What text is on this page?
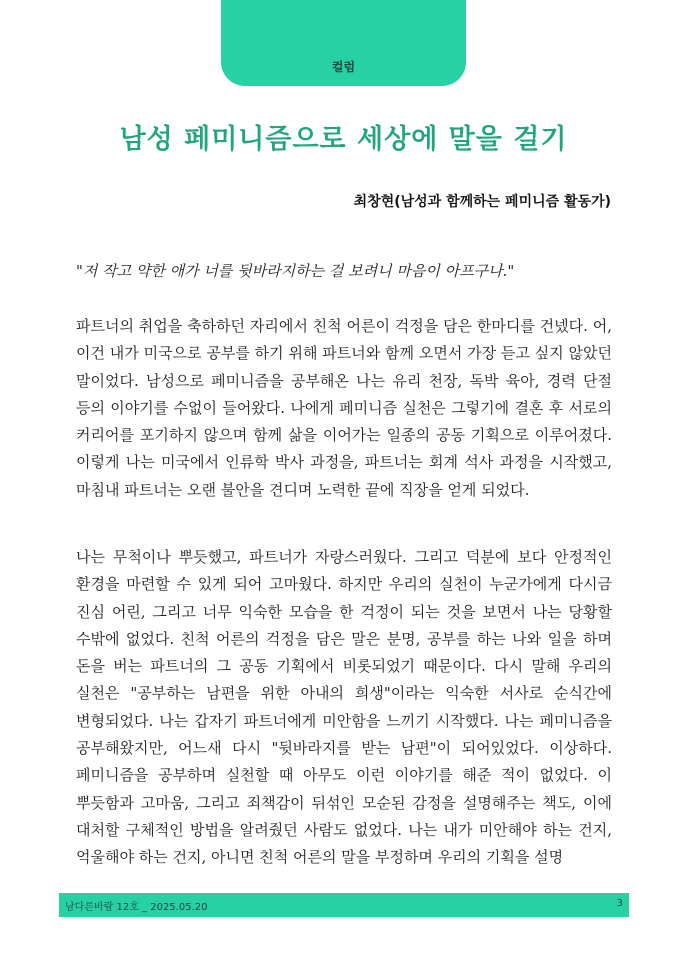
컬럼
남성 페미니즘으로 세상에 말을 걸기
최창현(남성과 함께하는 페미니즘 활동가)
"저 작고 약한 애가 너를 뒷바라지하는 걸 보려니 마음이 아프구나."

파트너의 취업을 축하하던 자리에서 친척 어른이 걱정을 담은 한마디를 건넸다. 어, 이건 내가 미국으로 공부를 하기 위해 파트너와 함께 오면서 가장 듣고 싶지 않았던 말이었다. 남성으로 페미니즘을 공부해온 나는 유리 천장, 독박 육아, 경력 단절 등의 이야기를 수없이 들어왔다. 나에게 페미니즘 실천은 그렇기에 결혼 후 서로의 커리어를 포기하지 않으며 함께 삶을 이어가는 일종의 공동 기획으로 이루어졌다. 이렇게 나는 미국에서 인류학 박사 과정을, 파트너는 회계 석사 과정을 시작했고, 마침내 파트너는 오랜 불안을 견디며 노력한 끝에 직장을 얻게 되었다.

나는 무척이나 뿌듯했고, 파트너가 자랑스러웠다. 그리고 덕분에 보다 안정적인 환경을 마련할 수 있게 되어 고마웠다. 하지만 우리의 실천이 누군가에게 다시금 진심 어린, 그리고 너무 익숙한 모습을 한 걱정이 되는 것을 보면서 나는 당황할 수밖에 없었다. 친척 어른의 걱정을 담은 말은 분명, 공부를 하는 나와 일을 하며 돈을 버는 파트너의 그 공동 기획에서 비롯되었기 때문이다. 다시 말해 우리의 실천은 "공부하는 남편을 위한 아내의 희생"이라는 익숙한 서사로 순식간에 변형되었다. 나는 갑자기 파트너에게 미안함을 느끼기 시작했다. 나는 페미니즘을 공부해왔지만, 어느새 다시 "뒷바라지를 받는 남편"이 되어있었다. 이상하다. 페미니즘을 공부하며 실천할 때 아무도 이런 이야기를 해준 적이 없었다. 이 뿌듯함과 고마움, 그리고 죄책감이 뒤섞인 모순된 감정을 설명해주는 책도, 이에 대처할 구체적인 방법을 알려줬던 사람도 없었다. 나는 내가 미안해야 하는 건지, 억울해야 하는 건지, 아니면 친척 어른의 말을 부정하며 우리의 기획을 설명

남다른바람 12호 _ 2025.05.20	3
